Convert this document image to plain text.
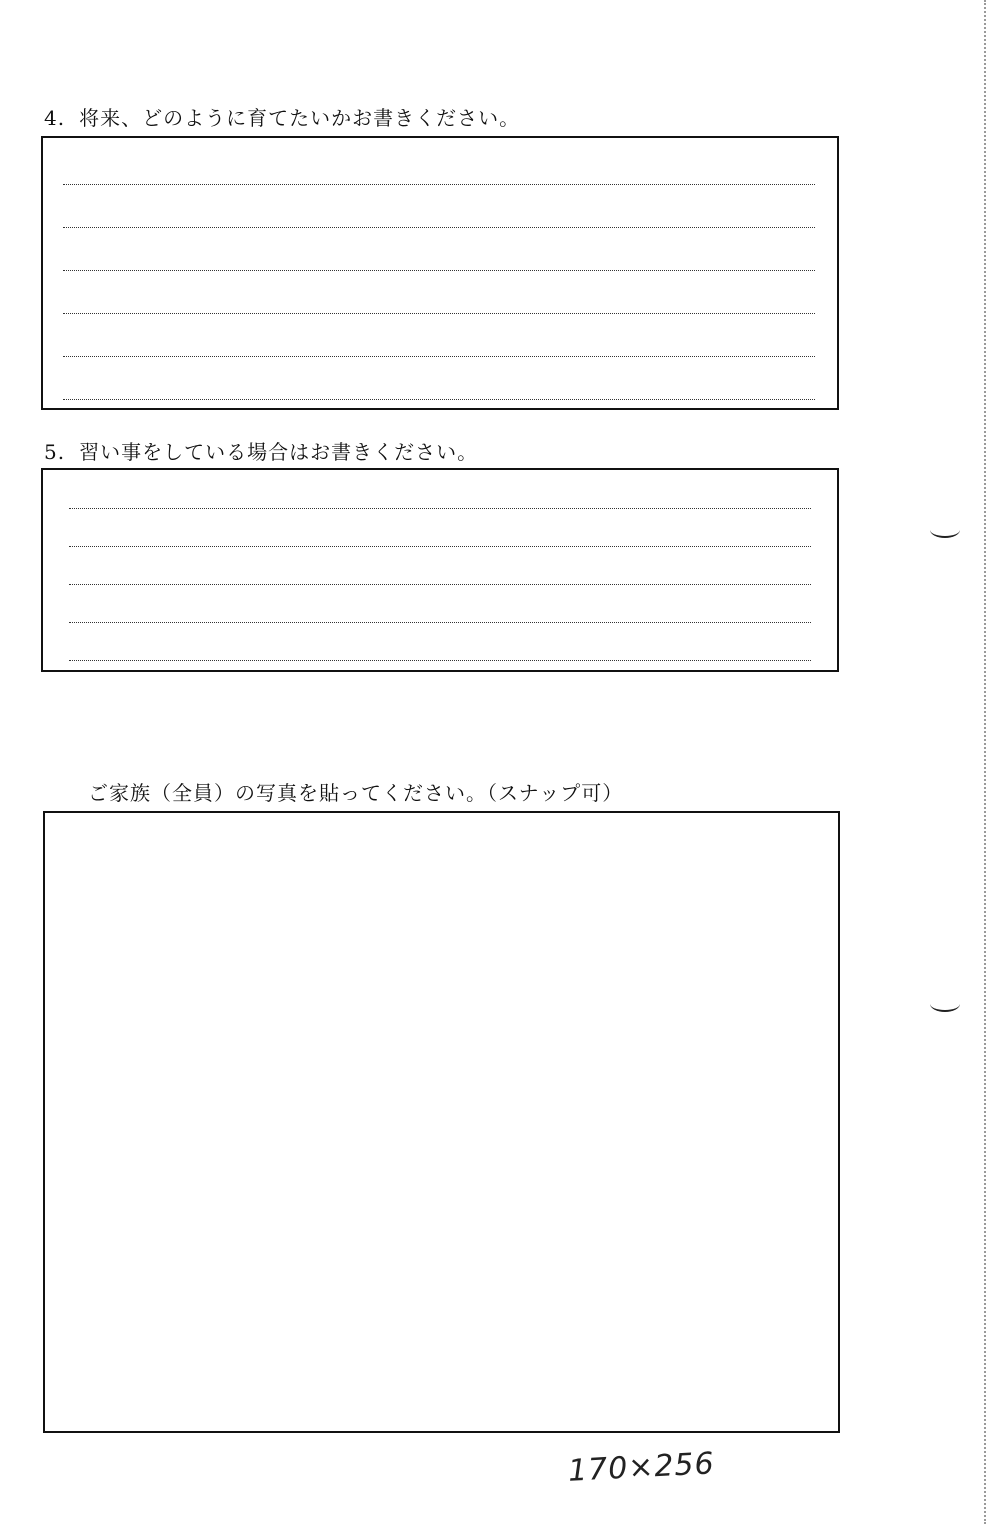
4. 将来、どのように育てたいかお書きください。
5. 習い事をしている場合はお書きください。

ご家族（全員）の写真を貼ってください。（スナップ可）

170×256
